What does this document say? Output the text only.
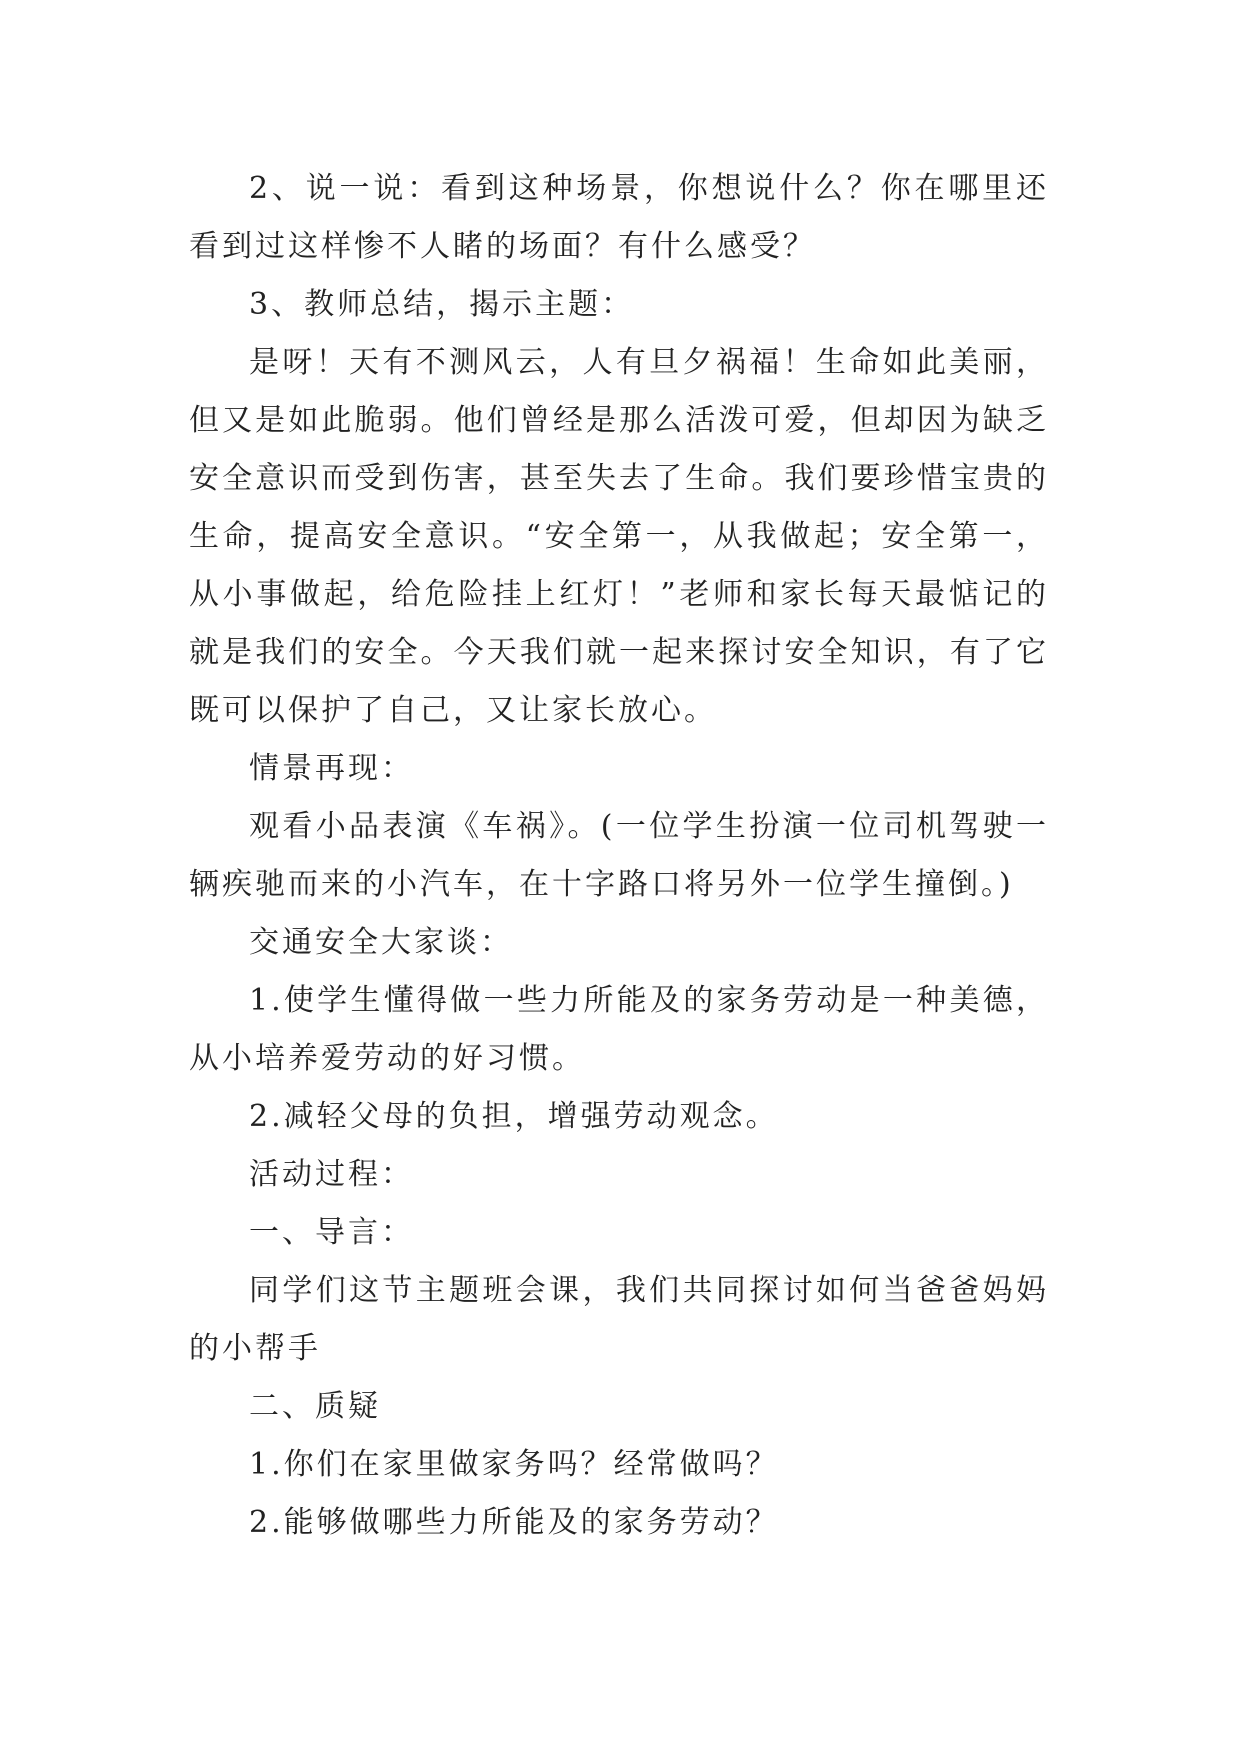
2、说一说：看到这种场景，你想说什么？你在哪里还看到过这样惨不人睹的场面？有什么感受？

3、教师总结，揭示主题：

是呀！天有不测风云，人有旦夕祸福！生命如此美丽，但又是如此脆弱。他们曾经是那么活泼可爱，但却因为缺乏安全意识而受到伤害，甚至失去了生命。我们要珍惜宝贵的生命，提高安全意识。“安全第一，从我做起；安全第一，从小事做起，给危险挂上红灯！”老师和家长每天最惦记的就是我们的安全。今天我们就一起来探讨安全知识，有了它既可以保护了自己，又让家长放心。

情景再现：

观看小品表演《车祸》。(一位学生扮演一位司机驾驶一辆疾驰而来的小汽车，在十字路口将另外一位学生撞倒。)

交通安全大家谈：

1.使学生懂得做一些力所能及的家务劳动是一种美德，从小培养爱劳动的好习惯。

2.减轻父母的负担，增强劳动观念。

活动过程：

一、导言：

同学们这节主题班会课，我们共同探讨如何当爸爸妈妈的小帮手

二、质疑

1.你们在家里做家务吗？经常做吗？

2.能够做哪些力所能及的家务劳动？
